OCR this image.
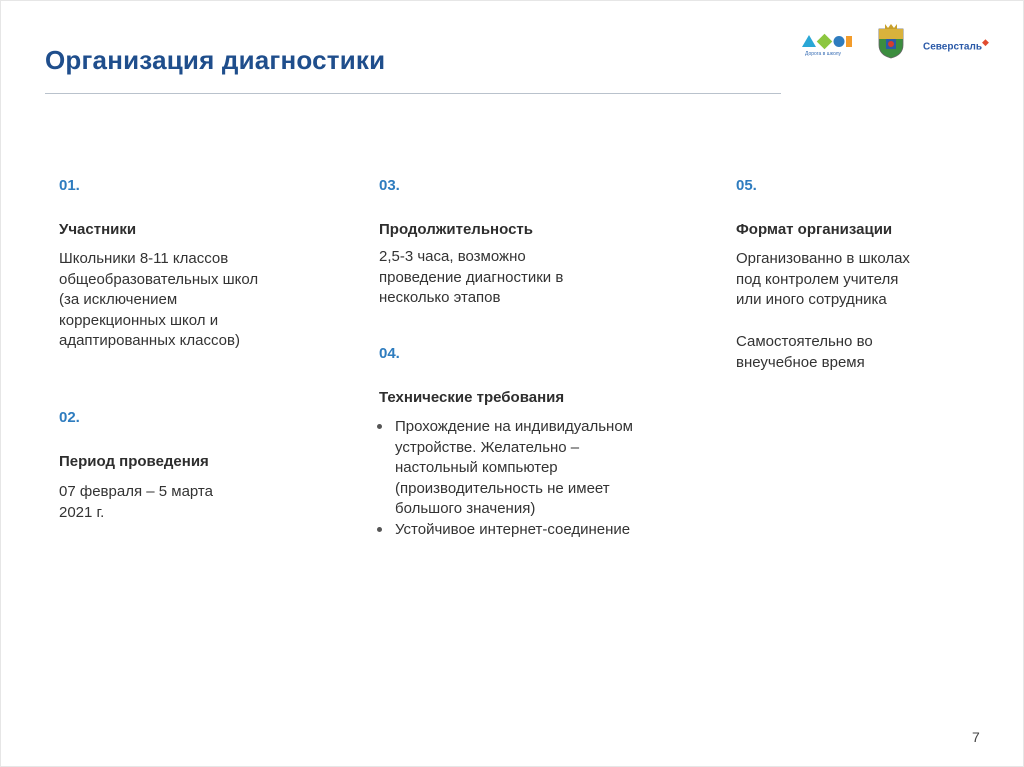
Организация диагностики	Дорога в школу
Северсталь◆
01.
Участники
Школьники 8-11 классов
общеобразовательных школ
(за исключением
коррекционных школ и
адаптированных классов)
02.
Период проведения
07 февраля – 5 марта
2021 г.
03.
Продолжительность
2,5-3 часа, возможно
проведение диагностики в
несколько этапов
04.
Технические требования
Прохождение на индивидуальном
устройстве. Желательно –
настольный компьютер
(производительность не имеет
большого значения)
Устойчивое интернет-соединение
05.
Формат организации
Организованно в школах
под контролем учителя
или иного сотрудника
Самостоятельно во
внеучебное время
7
